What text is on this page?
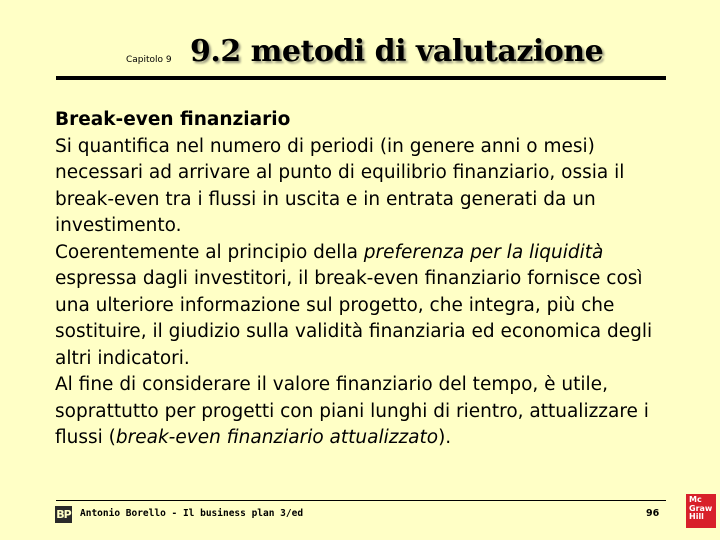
Capitolo 9 9.2 metodi di valutazione

Break-even finanziario

Si quantifica nel numero di periodi (in genere anni o mesi) necessari ad arrivare al punto di equilibrio finanziario, ossia il break-even tra i flussi in uscita e in entrata generati da un investimento.

Coerentemente al principio della preferenza per la liquidità espressa dagli investitori, il break-even finanziario fornisce così una ulteriore informazione sul progetto, che integra, più che sostituire, il giudizio sulla validità finanziaria ed economica degli altri indicatori.

Al fine di considerare il valore finanziario del tempo, è utile, soprattutto per progetti con piani lunghi di rientro, attualizzare i flussi (break-even finanziario attualizzato).

BP Antonio Borello - Il business plan 3/ed	96
Mc
Graw
Hill
